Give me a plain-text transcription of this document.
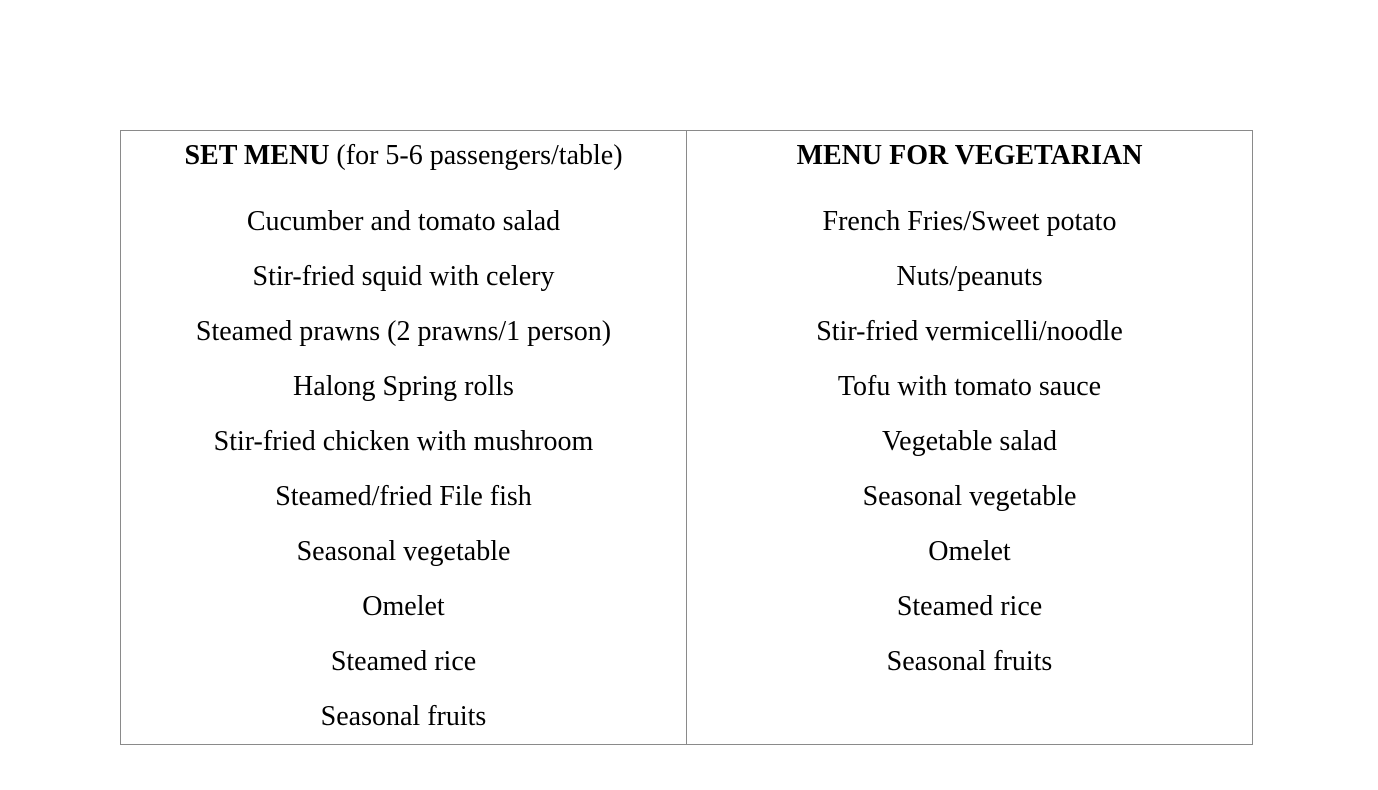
SET MENU (for 5-6 passengers/table)
Cucumber and tomato salad
Stir-fried squid with celery
Steamed prawns (2 prawns/1 person)
Halong Spring rolls
Stir-fried chicken with mushroom
Steamed/fried File fish
Seasonal vegetable
Omelet
Steamed rice
Seasonal fruits

MENU FOR VEGETARIAN
French Fries/Sweet potato
Nuts/peanuts
Stir-fried vermicelli/noodle
Tofu with tomato sauce
Vegetable salad
Seasonal vegetable
Omelet
Steamed rice
Seasonal fruits
